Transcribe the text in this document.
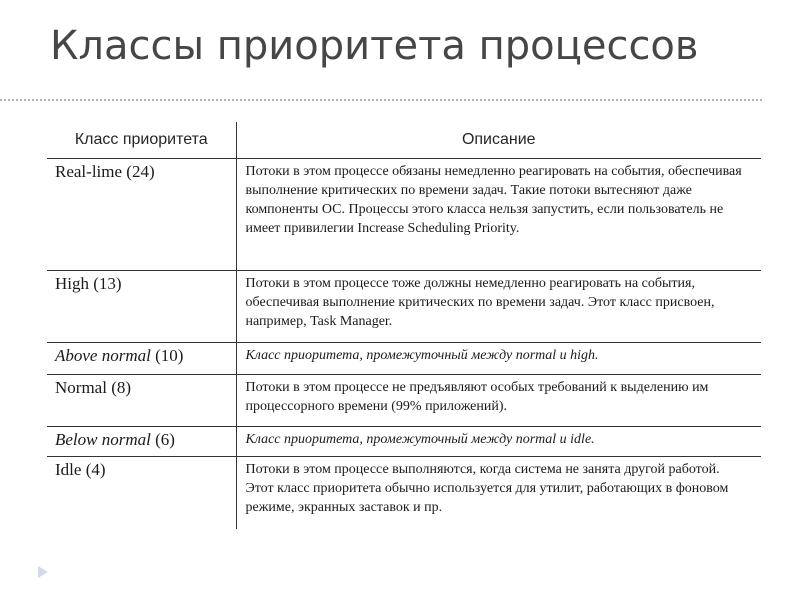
Классы приоритета процессов
Класс приоритета	Описание
Real-lime (24)	Потоки в этом процессе обязаны немедленно реагировать на события, обеспечивая выполнение критических по времени задач. Такие потоки вытесняют даже компоненты ОС. Процессы этого класса нельзя запустить, если пользователь не имеет привилегии Increase Scheduling Priority.
High (13)	Потоки в этом процессе тоже должны немедленно реагировать на события, обеспечивая выполнение критических по времени задач. Этот класс присвоен, например, Task Manager.
Above normal (10)	Класс приоритета, промежуточный между normal и high.
Normal (8)	Потоки в этом процессе не предъявляют особых требований к выделению им процессорного времени (99% приложений).
Below normal (6)	Класс приоритета, промежуточный между normal и idle.
Idle (4)	Потоки в этом процессе выполняются, когда система не занята другой работой. Этот класс приоритета обычно используется для утилит, работающих в фоновом режиме, экранных заставок и пр.
